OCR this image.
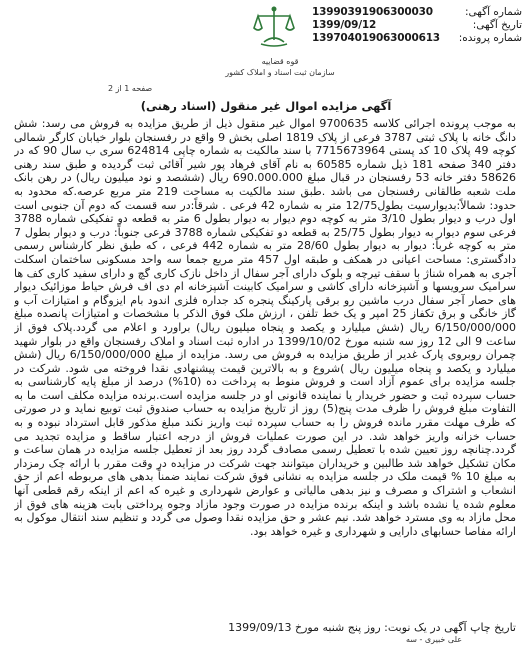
شماره آگهی:
13990391906300030
تاریخ آگهی:
1399/09/12
شماره پرونده:
139704019063000613
قوه قضاییه
سازمان ثبت اسناد و املاک کشور
صفحه 1 از 2
آگهی مزایده اموال غیر منقول (اسناد رهنی)
به موجب پرونده اجرائی کلاسه 9700635 اموال غیر منقول ذیل از طریق مزایده به فروش می رسد: شش دانگ خانه با پلاک ثبتی 3787 فرعی از پلاک 1819 اصلی بخش 9 واقع در رفسنجان بلوار خیابان کارگر شمالی کوچه 49 پلاک 10 کد پستی 7715673964 با سند مالکیت به شماره چاپی 624814 سری ب سال 90 که در دفتر 340 صفحه 181 ذیل شماره 60585 به نام آقای فرهاد پور شیر آقائی ثبت گردیده و طبق سند رهنی 58626 دفتر خانه 53 رفسنجان در قبال مبلغ 690.000.000 ریال (ششصد و نود میلیون ریال) در رهن بانک ملت شعبه طالقانی رفسنجان می باشد .طبق سند مالکیت به مساحت 219 متر مربع عرصه.که محدود به حدود: شمالاً:بدیوارسیت بطول12/75 متر به شماره 42 فرعی . شرقاً:در سه قسمت که دوم آن جنوبی است اول درب و دیوار بطول 3/10 متر به کوچه دوم دیوار به دیوار بطول 6 متر به قطعه دو تفکیکی شماره 3788 فرعی سوم دیوار به دیوار بطول 25/75 به قطعه دو تفکیکی شماره 3788 فرعی جنوباً: درب و دیوار بطول 7 متر به کوچه غرباً: دیوار به دیوار بطول 28/60 متر به شماره 442 فرعی ، که طبق نظر کارشناس رسمی دادگستری: مساحت اعیانی در همکف و طبقه اول 457 متر مربع جمعا سه واحد مسکونی ساختمان اسکلت آجری به همراه شناژ با سقف تیرچه و بلوک دارای آجر سفال از داخل نازک کاری گچ و دارای سفید کاری کف ها سرامیک سرویسها و آشپزخانه دارای کاشی و سرامیک کابینت آشپزخانه ام دی اف فرش حیاط موزائیک دیوار های حصار آجر سفال درب ماشین رو برقی پارکینگ پنجره کد جداره فلزی اندود بام ایزوگام و امتیازات آب و گاز خانگی و برق تکفاز 25 امپر و یک خط تلفن ، ارزش ملک فوق الذکر با مشخصات و امتیازات پانصده مبلغ 6/150/000/000 ریال (شش میلیارد و یکصد و پنجاه میلیون ریال) براورد و اعلام می گردد.پلاک فوق از ساعت 9 الی 12 روز سه شنبه مورخ 1399/10/02 در اداره ثبت اسناد و املاک رفسنجان واقع در بلوار شهید چمران روبروی پارک غدیر از طریق مزایده به فروش می رسد. مزایده از مبلغ 6/150/000/000 ریال (شش میلیارد و یکصد و پنجاه میلیون ریال )شروع و به بالاترین قیمت پیشنهادی نقدا فروخته می شود. شرکت در جلسه مزایده برای عموم آزاد است و فروش منوط به پرداخت ده (10%) درصد از مبلغ پایه کارشناسی به حساب سپرده ثبت و حضور خریدار یا نماینده قانونی او در جلسه مزایده است.برنده مزایده مکلف است ما به التفاوت مبلغ فروش را ظرف مدت پنج(5) روز از تاریخ مزایده به حساب صندوق ثبت توبیع نماید و در صورتی که ظرف مهلت مقرر مانده فروش را به حساب سپرده ثبت واریز نکند مبلغ مذکور قابل استرداد نبوده و به حساب خزانه واریز خواهد شد. در این صورت عملیات فروش از درجه اعتبار ساقط و مزایده تجدید می گردد.چنانچه روز تعیین شده با تعطیل رسمی مصادف گردد روز بعد از تعطیل جلسه مزایده در همان ساعت و مکان تشکیل خواهد شد طالبین و خریداران میتوانند جهت شرکت در مزایده در وقت مقرر با ارائه چک رمزدار به مبلغ 10 % قیمت ملک در جلسه مزایده به نشانی فوق شرکت نمایند ضمناً بدهی های مربوطه اعم از حق انشعاب و اشتراک و مصرف و نیز بدهی مالیاتی و عوارض شهرداری و غیره که اعم از اینکه رقم قطعی آنها معلوم شده یا نشده باشد و اینکه برنده مزایده در صورت وجود مازاد وجوه پرداختی بابت هزینه های فوق از محل مازاد به وی مسترد خواهد شد. نیم عشر و حق مزایده نقدا وصول می گردد و تنظیم سند انتقال موکول به ارائه مفاصا حسابهای دارایی و شهرداری و غیره خواهد بود.
تاریخ چاپ آگهی در یک نوبت: روز پنج شنبه مورخ 1399/09/13
علی خبیری - سه
